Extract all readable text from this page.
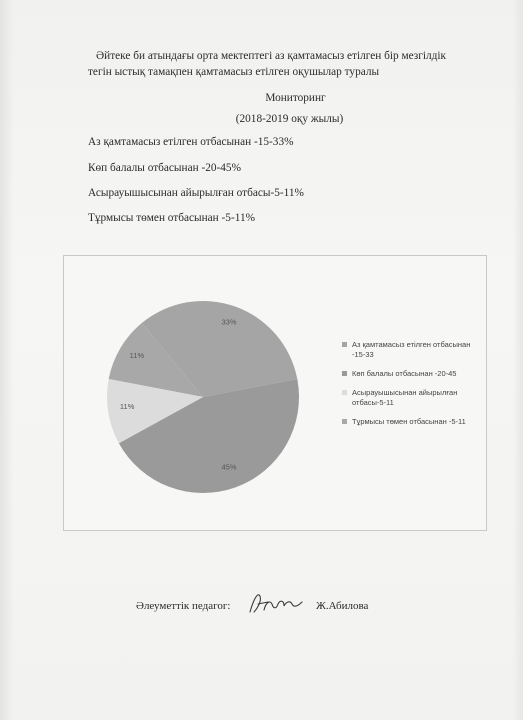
Әйтеке би атындағы орта мектептегі аз қамтамасыз етілген бір мезгілдік
тегін ыстық тамақпен қамтамасыз етілген оқушылар туралы
Мониторинг
(2018-2019 оқу жылы)
Аз қамтамасыз етілген отбасынан -15-33%
Көп балалы отбасынан -20-45%
Асырауышысынан айырылған отбасы-5-11%
Тұрмысы төмен отбасынан -5-11%
11%
33%
45%
11%
Аз қамтамасыз етілген отбасынан -15-33
Көп балалы отбасынан -20-45
Асырауышысынан айырылған отбасы-5-11
Тұрмысы төмен отбасынан -5-11
Әлеуметтік педагог:	Ж.Абилова
